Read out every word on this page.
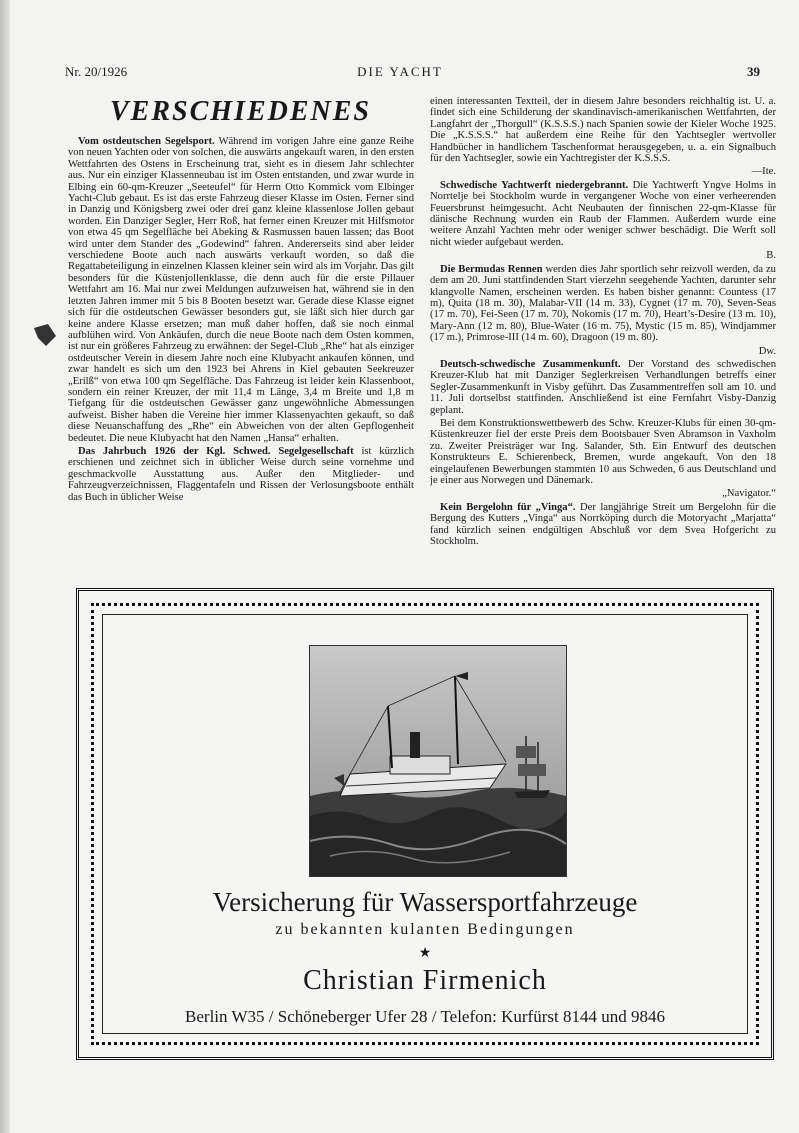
Nr. 20/1926	DIE YACHT	39
VERSCHIEDENES

Vom ostdeutschen Segelsport. Während im vorigen Jahre eine ganze Reihe von neuen Yachten oder von solchen, die auswärts angekauft waren, in den ersten Wettfahrten des Ostens in Erscheinung trat, sieht es in diesem Jahr schlechter aus. Nur ein einziger Klassenneubau ist im Osten entstanden, und zwar wurde in Elbing ein 60-qm-Kreuzer „Seeteufel“ für Herrn Otto Kommick vom Elbinger Yacht-Club gebaut. Es ist das erste Fahrzeug dieser Klasse im Osten. Ferner sind in Danzig und Königsberg zwei oder drei ganz kleine klassenlose Jollen gebaut worden. Ein Danziger Segler, Herr Roß, hat ferner einen Kreuzer mit Hilfsmotor von etwa 45 qm Segelfläche bei Abeking & Rasmussen bauen lassen; das Boot wird unter dem Stander des „Godewind“ fahren. Andererseits sind aber leider verschiedene Boote auch nach auswärts verkauft worden, so daß die Regattabeteiligung in einzelnen Klassen kleiner sein wird als im Vorjahr. Das gilt besonders für die Küstenjollenklasse, die denn auch für die erste Pillauer Wettfahrt am 16. Mai nur zwei Meldungen aufzuweisen hat, während sie in den letzten Jahren immer mit 5 bis 8 Booten besetzt war. Gerade diese Klasse eignet sich für die ostdeutschen Gewässer besonders gut, sie läßt sich hier durch gar keine andere Klasse ersetzen; man muß daher hoffen, daß sie noch einmal aufblühen wird. Von Ankäufen, durch die neue Boote nach dem Osten kommen, ist nur ein größeres Fahrzeug zu erwähnen: der Segel-Club „Rhe“ hat als einziger ostdeutscher Verein in diesem Jahre noch eine Klubyacht ankaufen können, und zwar handelt es sich um den 1923 bei Ahrens in Kiel gebauten Seekreuzer „Erilß“ von etwa 100 qm Segelfläche. Das Fahrzeug ist leider kein Klassenboot, sondern ein reiner Kreuzer, der mit 11,4 m Länge, 3,4 m Breite und 1,8 m Tiefgang für die ostdeutschen Gewässer ganz ungewöhnliche Abmessungen aufweist. Bisher haben die Vereine hier immer Klassenyachten gekauft, so daß diese Neuanschaffung des „Rhe“ ein Abweichen von der alten Gepflogenheit bedeutet. Die neue Klubyacht hat den Namen „Hansa“ erhalten.

Das Jahrbuch 1926 der Kgl. Schwed. Segelgesellschaft ist kürzlich erschienen und zeichnet sich in üblicher Weise durch seine vornehme und geschmackvolle Ausstattung aus. Außer den Mitglieder- und Fahrzeugverzeichnissen, Flaggentafeln und Rissen der Verlosungsboote enthält das Buch in üblicher Weise

einen interessanten Textteil, der in diesem Jahre besonders reichhaltig ist. U. a. findet sich eine Schilderung der skandinavisch-amerikanischen Wettfahrten, der Langfahrt der „Thorgull“ (K.S.S.S.) nach Spanien sowie der Kieler Woche 1925. Die „K.S.S.S.“ hat außerdem eine Reihe für den Yachtsegler wertvoller Handbücher in handlichem Taschenformat herausgegeben, u. a. ein Signalbuch für den Yachtsegler, sowie ein Yachtregister der K.S.S.S.

—Ite.

Schwedische Yachtwerft niedergebrannt. Die Yachtwerft Yngve Holms in Norrtelje bei Stockholm wurde in vergangener Woche von einer verheerenden Feuersbrunst heimgesucht. Acht Neubauten der finnischen 22-qm-Klasse für dänische Rechnung wurden ein Raub der Flammen. Außerdem wurde eine weitere Anzahl Yachten mehr oder weniger schwer beschädigt. Die Werft soll nicht wieder aufgebaut werden.

B.

Die Bermudas Rennen werden dies Jahr sportlich sehr reizvoll werden, da zu dem am 20. Juni stattfindenden Start vierzehn seegehende Yachten, darunter sehr klangvolle Namen, erscheinen werden. Es haben bisher genannt: Countess (17 m), Quita (18 m. 30), Malabar-VII (14 m. 33), Cygnet (17 m. 70), Seven-Seas (17 m. 70), Fei-Seen (17 m. 70), Nokomis (17 m. 70), Heart’s-Desire (13 m. 10), Mary-Ann (12 m. 80), Blue-Water (16 m. 75), Mystic (15 m. 85), Windjammer (17 m.), Primrose-III (14 m. 60), Dragoon (19 m. 80).

Dw.

Deutsch-schwedische Zusammenkunft. Der Vorstand des schwedischen Kreuzer-Klub hat mit Danziger Seglerkreisen Verhandlungen betreffs einer Segler-Zusammenkunft in Visby geführt. Das Zusammentreffen soll am 10. und 11. Juli dortselbst stattfinden. Anschließend ist eine Fernfahrt Visby-Danzig geplant.

Bei dem Konstruktionswettbewerb des Schw. Kreuzer-Klubs für einen 30-qm-Küstenkreuzer fiel der erste Preis dem Bootsbauer Sven Abramson in Vaxholm zu. Zweiter Preisträger war Ing. Salander, Sth. Ein Entwurf des deutschen Konstrukteurs E. Schierenbeck, Bremen, wurde angekauft. Von den 18 eingelaufenen Bewerbungen stammten 10 aus Schweden, 6 aus Deutschland und je einer aus Norwegen und Dänemark.

„Navigator.“

Kein Bergelohn für „Vinga“. Der langjährige Streit um Bergelohn für die Bergung des Kutters „Vinga“ aus Norrköping durch die Motoryacht „Marjatta“ fand kürzlich seinen endgültigen Abschluß vor dem Svea Hofgericht zu Stockholm.

Versicherung für Wassersportfahrzeuge
zu bekannten kulanten Bedingungen
★
Christian Firmenich
Berlin W35 / Schöneberger Ufer 28 / Telefon: Kurfürst 8144 und 9846
